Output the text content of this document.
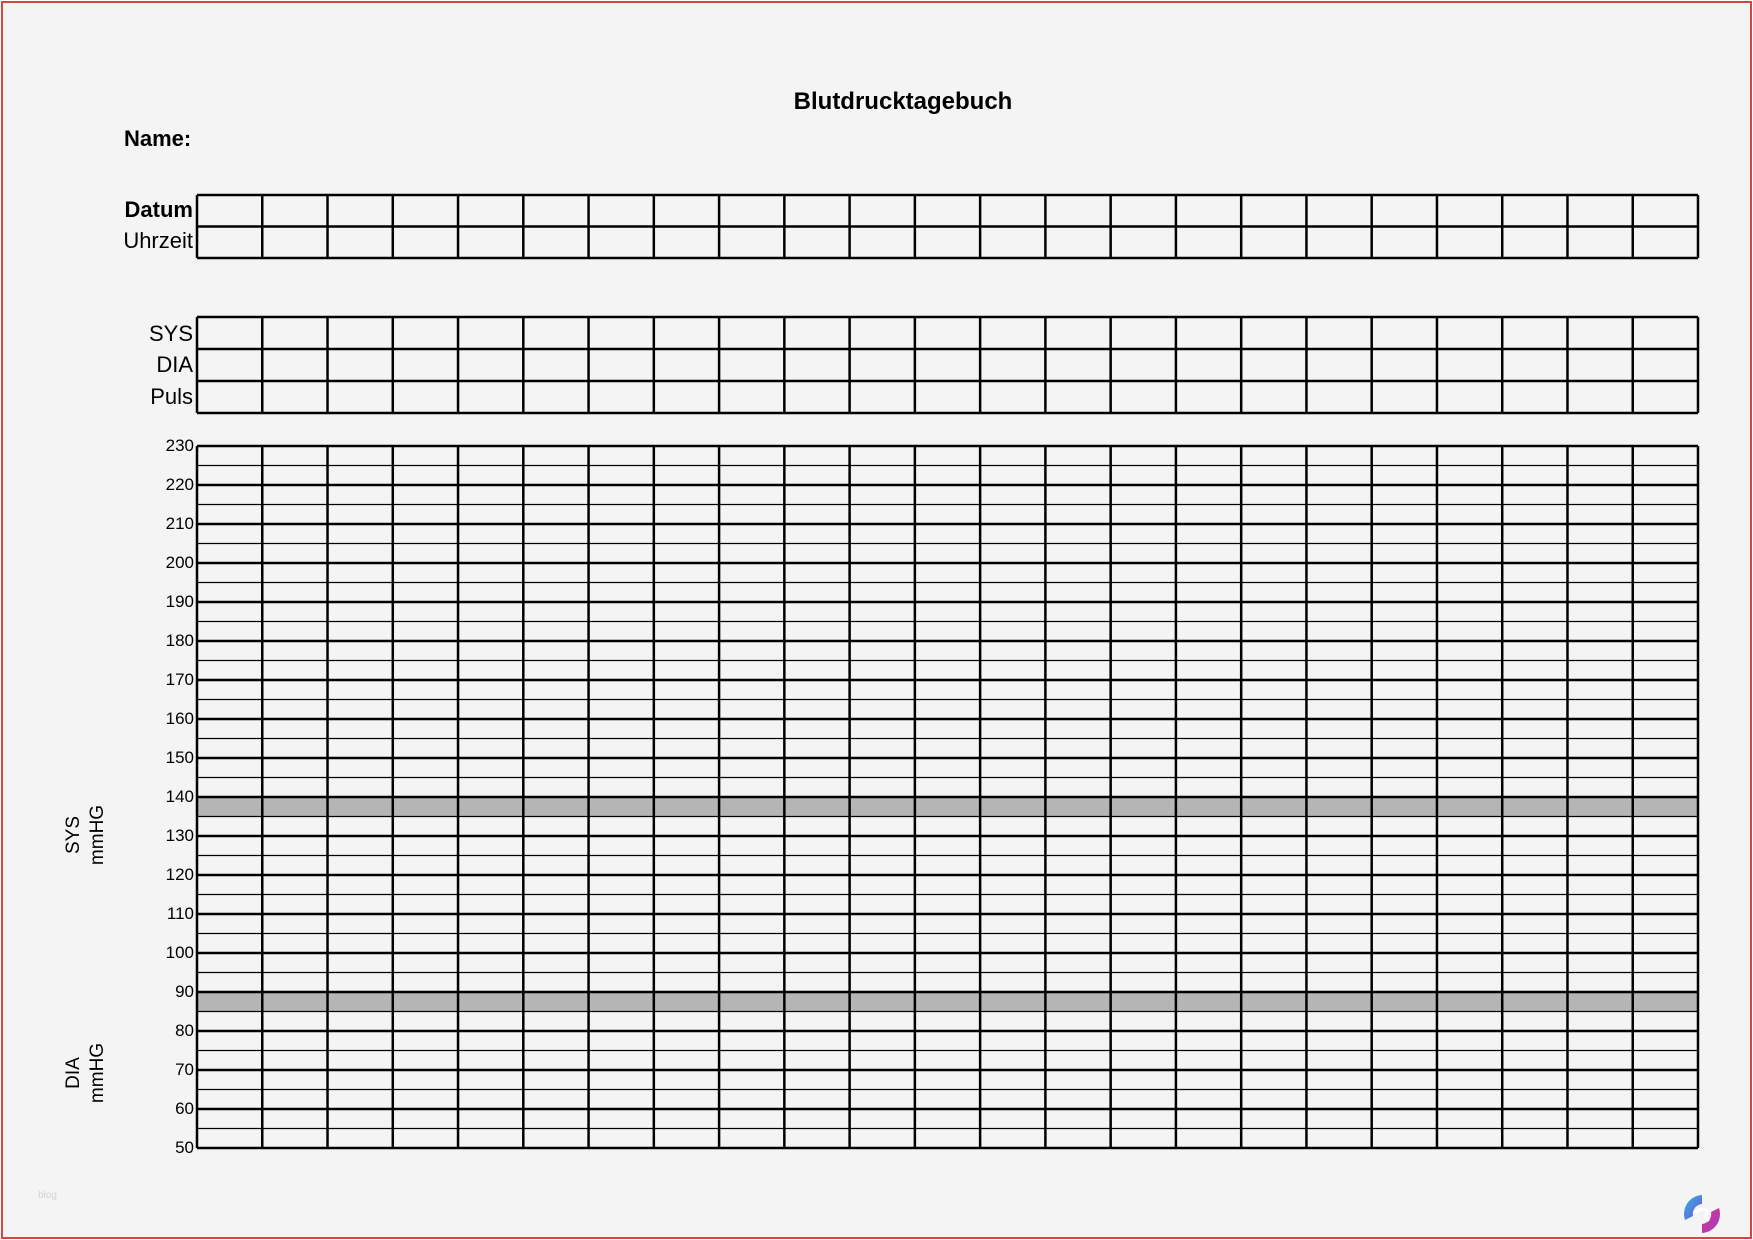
Blutdrucktagebuch
Name:
Datum
Uhrzeit
SYS
DIA
Puls
230
220
210
200
190
180
170
160
150
140
130
120
110
100
90
80
70
60
50
SYS
mmHG
DIA
mmHG
blog
